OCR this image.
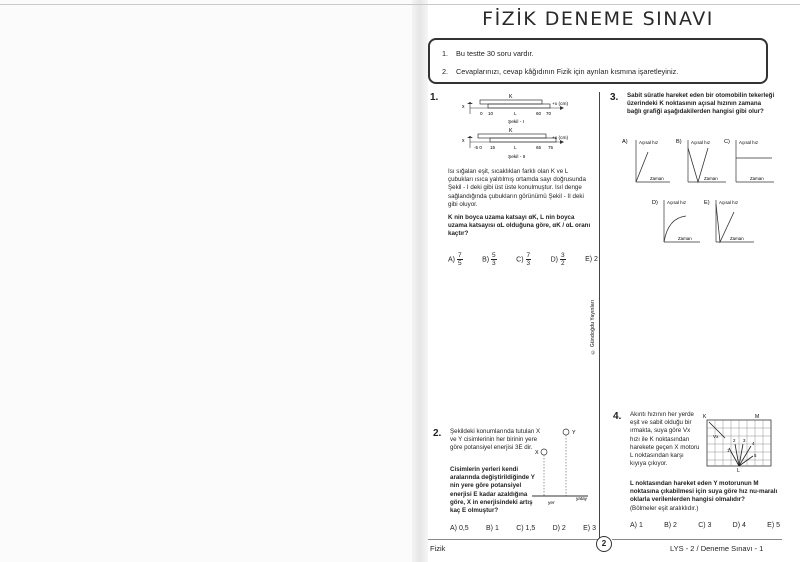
FİZİK DENEME SINAVI
1. Bu testte 30 soru vardır.
2. Cevaplarınızı, cevap kâğıdının Fizik için ayrılan kısmına işaretleyiniz.
© Gündoğdu Yayınları
1.
x
K
+x (cm)
0 10	L	60 70
Şekil - I
x
K
+x (cm)
-5 0 15	L	65 75
Şekil - II
Isı sığaları eşit, sıcaklıkları farklı olan K ve L çubukları ısıca yalıtılmış ortamda sayı doğrusunda Şekil - I deki gibi üst üste konulmuştur. Isıl denge sağlandığında çubukların görünümü Şekil - II deki gibi oluyor.
K nin boyca uzama katsayı αK, L nin boyca uzama katsayısı αL olduğuna göre, αK / αL oranı kaçtır?
$A) \frac{7}{5}$	$B) \frac{5}{3}$	$C) \frac{7}{3}$	$D) \frac{3}{2}$	E) 2
2. Şekildeki konumlarında tutulan X ve Y cisimlerinin her birinin yere göre potansiyel enerjisi 3E dir.
Cisimlerin yerleri kendi aralarında değiştirildiğinde Y nin yere göre potansiyel enerjisi E kadar azaldığına göre, X in enerjisindeki artış kaç E olmuştur?
Y
X
yer
yatay
A) 0,5 B) 1 C) 1,5 D) 2 E) 3
3. Sabit süratle hareket eden bir otomobilin tekerleği üzerindeki K noktasının açısal hızının zamana bağlı grafiği aşağıdakilerden hangisi gibi olur?
A)	Açısal hız
Zaman
B) Açısal hız
Zaman
C) Açısal hız
Zaman
D) Açısal hız
Zaman
E) Açısal hız
Zaman
4. Akıntı hızının her yerde eşit ve sabit olduğu bir ırmakta, suya göre Vx hızı ile K noktasından harekete geçen X motoru L noktasından karşı kıyıya çıkıyor.
K	M
Vx
1
2 3
4
5
L
L noktasından hareket eden Y motorunun M noktasına çıkabilmesi için suya göre hız nu-maralı oklarla verilenlerden hangisi olmalıdır?
(Bölmeler eşit aralıklıdır.)
A) 1	B) 2	C) 3	D) 4	E) 5
Fizik
2
LYS - 2 / Deneme Sınavı - 1
